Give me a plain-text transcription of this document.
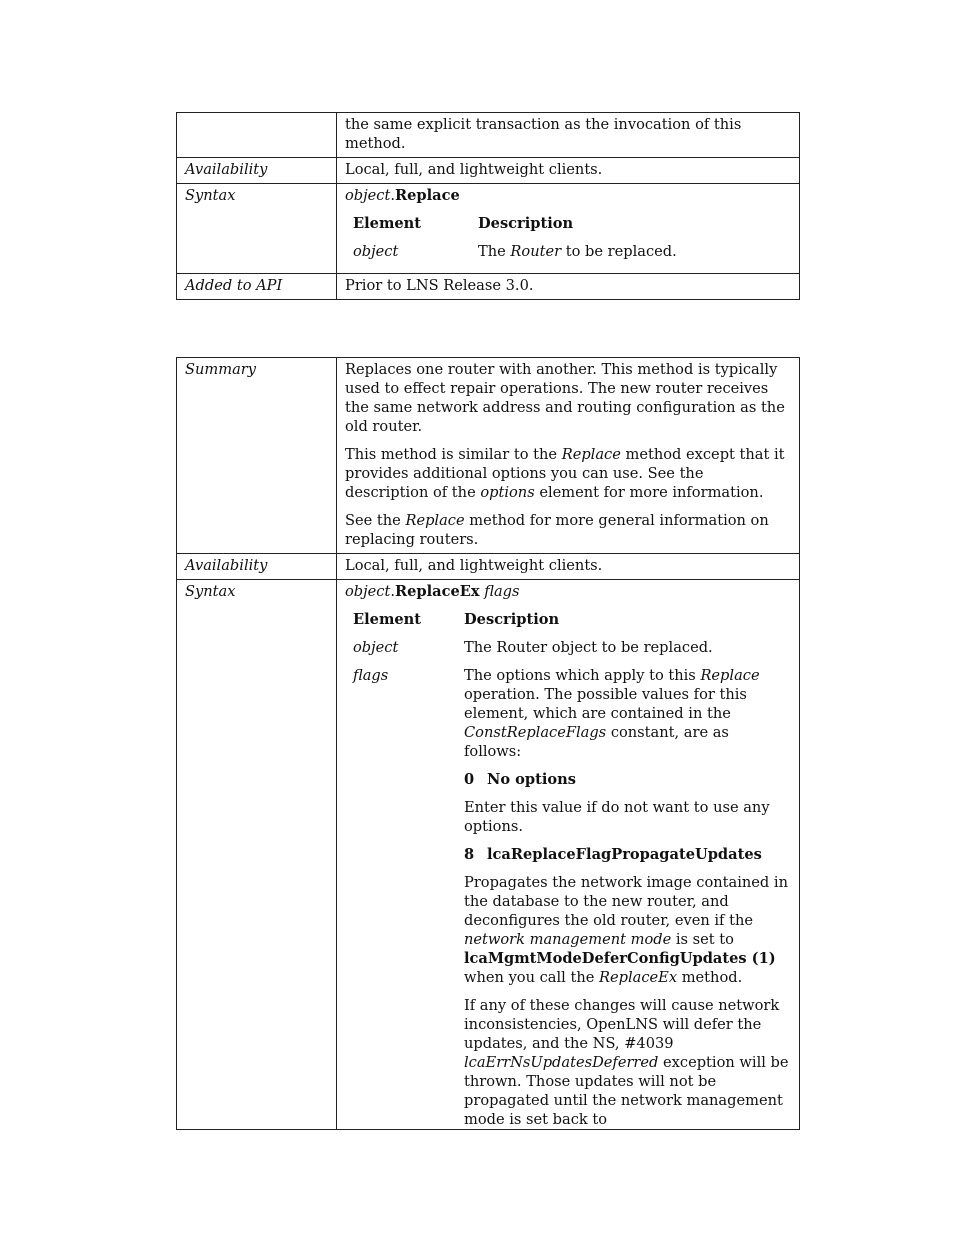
	the same explicit transaction as the invocation of this method.
Availability	Local, full, and lightweight clients.
Syntax	object.Replace

Element	Description
object	The Router to be replaced.

Added to API	Prior to LNS Release 3.0.
Summary	Replaces one router with another. This method is typically used to effect repair operations. The new router receives the same network address and routing configuration as the old router.

This method is similar to the Replace method except that it provides additional options you can use. See the description of the options element for more information.

See the Replace method for more general information on replacing routers.

Availability	Local, full, and lightweight clients.
Syntax	object.ReplaceEx flags

Element	Description
object	The Router object to be replaced.
flags	The options which apply to this Replace operation. The possible values for this element, which are contained in the ConstReplaceFlags constant, are as follows:

0 No options

Enter this value if do not want to use any options.

8 lcaReplaceFlagPropagateUpdates

Propagates the network image contained in the database to the new router, and deconfigures the old router, even if the network management mode is set to lcaMgmtModeDeferConfigUpdates (1) when you call the ReplaceEx method.

If any of these changes will cause network inconsistencies, OpenLNS will defer the updates, and the NS, #4039 lcaErrNsUpdatesDeferred exception will be thrown. Those updates will not be propagated until the network management mode is set back to
